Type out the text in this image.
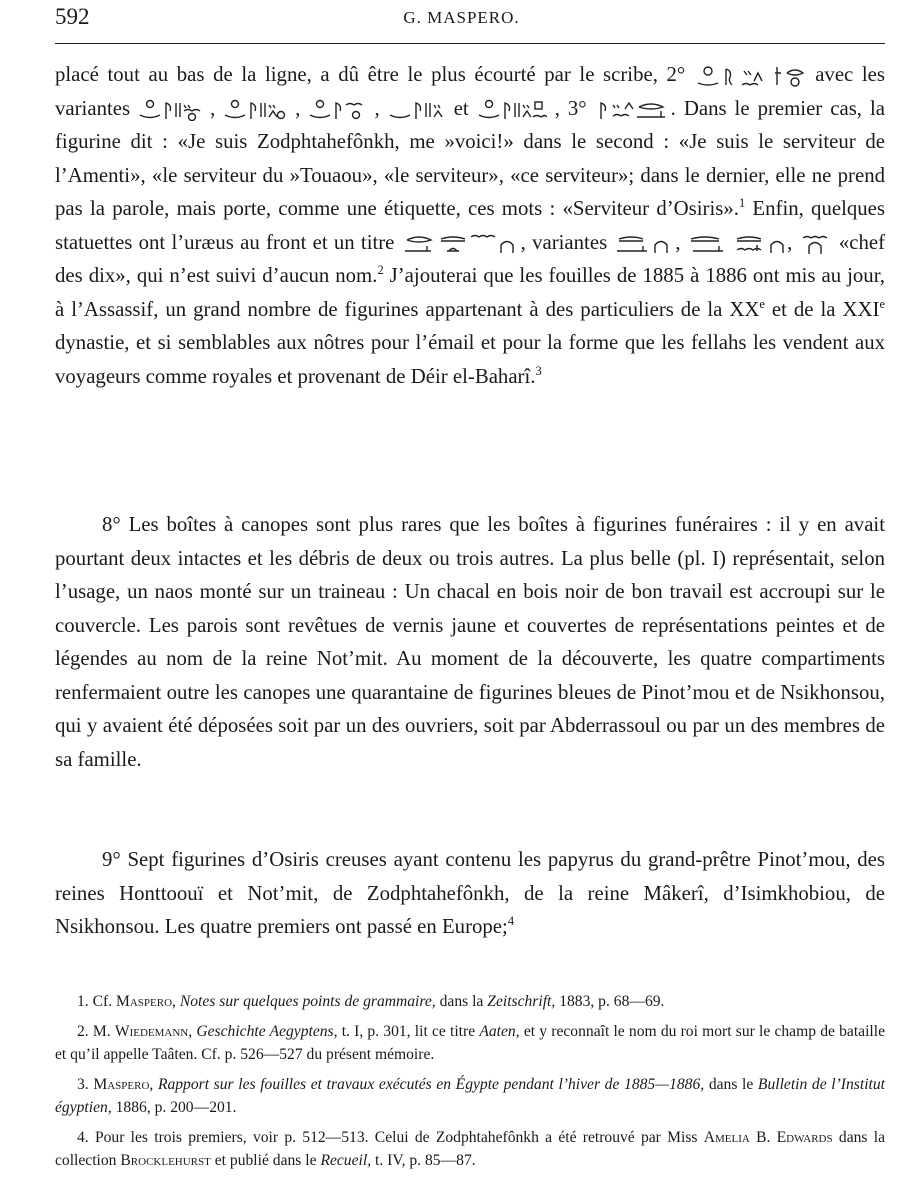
592	G. MASPERO.

placé tout au bas de la ligne, a dû être le plus écourté par le scribe, 2°
	avec les variantes	,	,	,	et	, 3°	. Dans le premier cas, la figurine dit : «Je suis Zodphtahefônkh, me »voici!» dans le second : «Je suis le serviteur de l’Amenti», «le serviteur du »Touaou», «le serviteur», «ce serviteur»; dans le dernier, elle ne prend pas la parole, mais porte, comme une étiquette, ces mots : «Serviteur d’Osiris».$^1$ Enfin, quelques statuettes ont l’uræus au front et un titre	, variantes	,
	, «chef des dix», qui n’est suivi d’aucun nom.$^2$ J’ajouterai que les fouilles de 1885 à 1886 ont mis au jour, à l’Assassif, un grand nombre de figurines appartenant à des particuliers de la XXe et de la XXIe dynastie, et si semblables aux nôtres pour l’émail et pour la forme que les fellahs les vendent aux voyageurs comme royales et provenant de Déir el-Baharî.$^3$

8° Les boîtes à canopes sont plus rares que les boîtes à figurines funéraires : il y en avait pourtant deux intactes et les débris de deux ou trois autres. La plus belle (pl. I) représentait, selon l’usage, un naos monté sur un traineau : Un chacal en bois noir de bon travail est accroupi sur le couvercle. Les parois sont revêtues de vernis jaune et couvertes de représentations peintes et de légendes au nom de la reine Not’mit. Au moment de la découverte, les quatre compartiments renfermaient outre les canopes une quarantaine de figurines bleues de Pinot’mou et de Nsikhonsou, qui y avaient été déposées soit par un des ouvriers, soit par Abderrassoul ou par un des membres de sa famille.

9° Sept figurines d’Osiris creuses ayant contenu les papyrus du grand-prêtre Pinot’mou, des reines Honttoouï et Not’mit, de Zodphtahefônkh, de la reine Mâkerî, d’Isimkhobiou, de Nsikhonsou. Les quatre premiers ont passé en Europe;$^4$

1. Cf. Maspero, Notes sur quelques points de grammaire, dans la Zeitschrift, 1883, p. 68—69.

2. M. Wiedemann, Geschichte Aegyptens, t. I, p. 301, lit ce titre Aaten, et y reconnaît le nom du roi mort sur le champ de bataille et qu’il appelle Taâten. Cf. p. 526—527 du présent mémoire.

3. Maspero, Rapport sur les fouilles et travaux exécutés en Égypte pendant l’hiver de 1885—1886, dans le Bulletin de l’Institut égyptien, 1886, p. 200—201.

4. Pour les trois premiers, voir p. 512—513. Celui de Zodphtahefônkh a été retrouvé par Miss Amelia B. Edwards dans la collection Brocklehurst et publié dans le Recueil, t. IV, p. 85—87.
